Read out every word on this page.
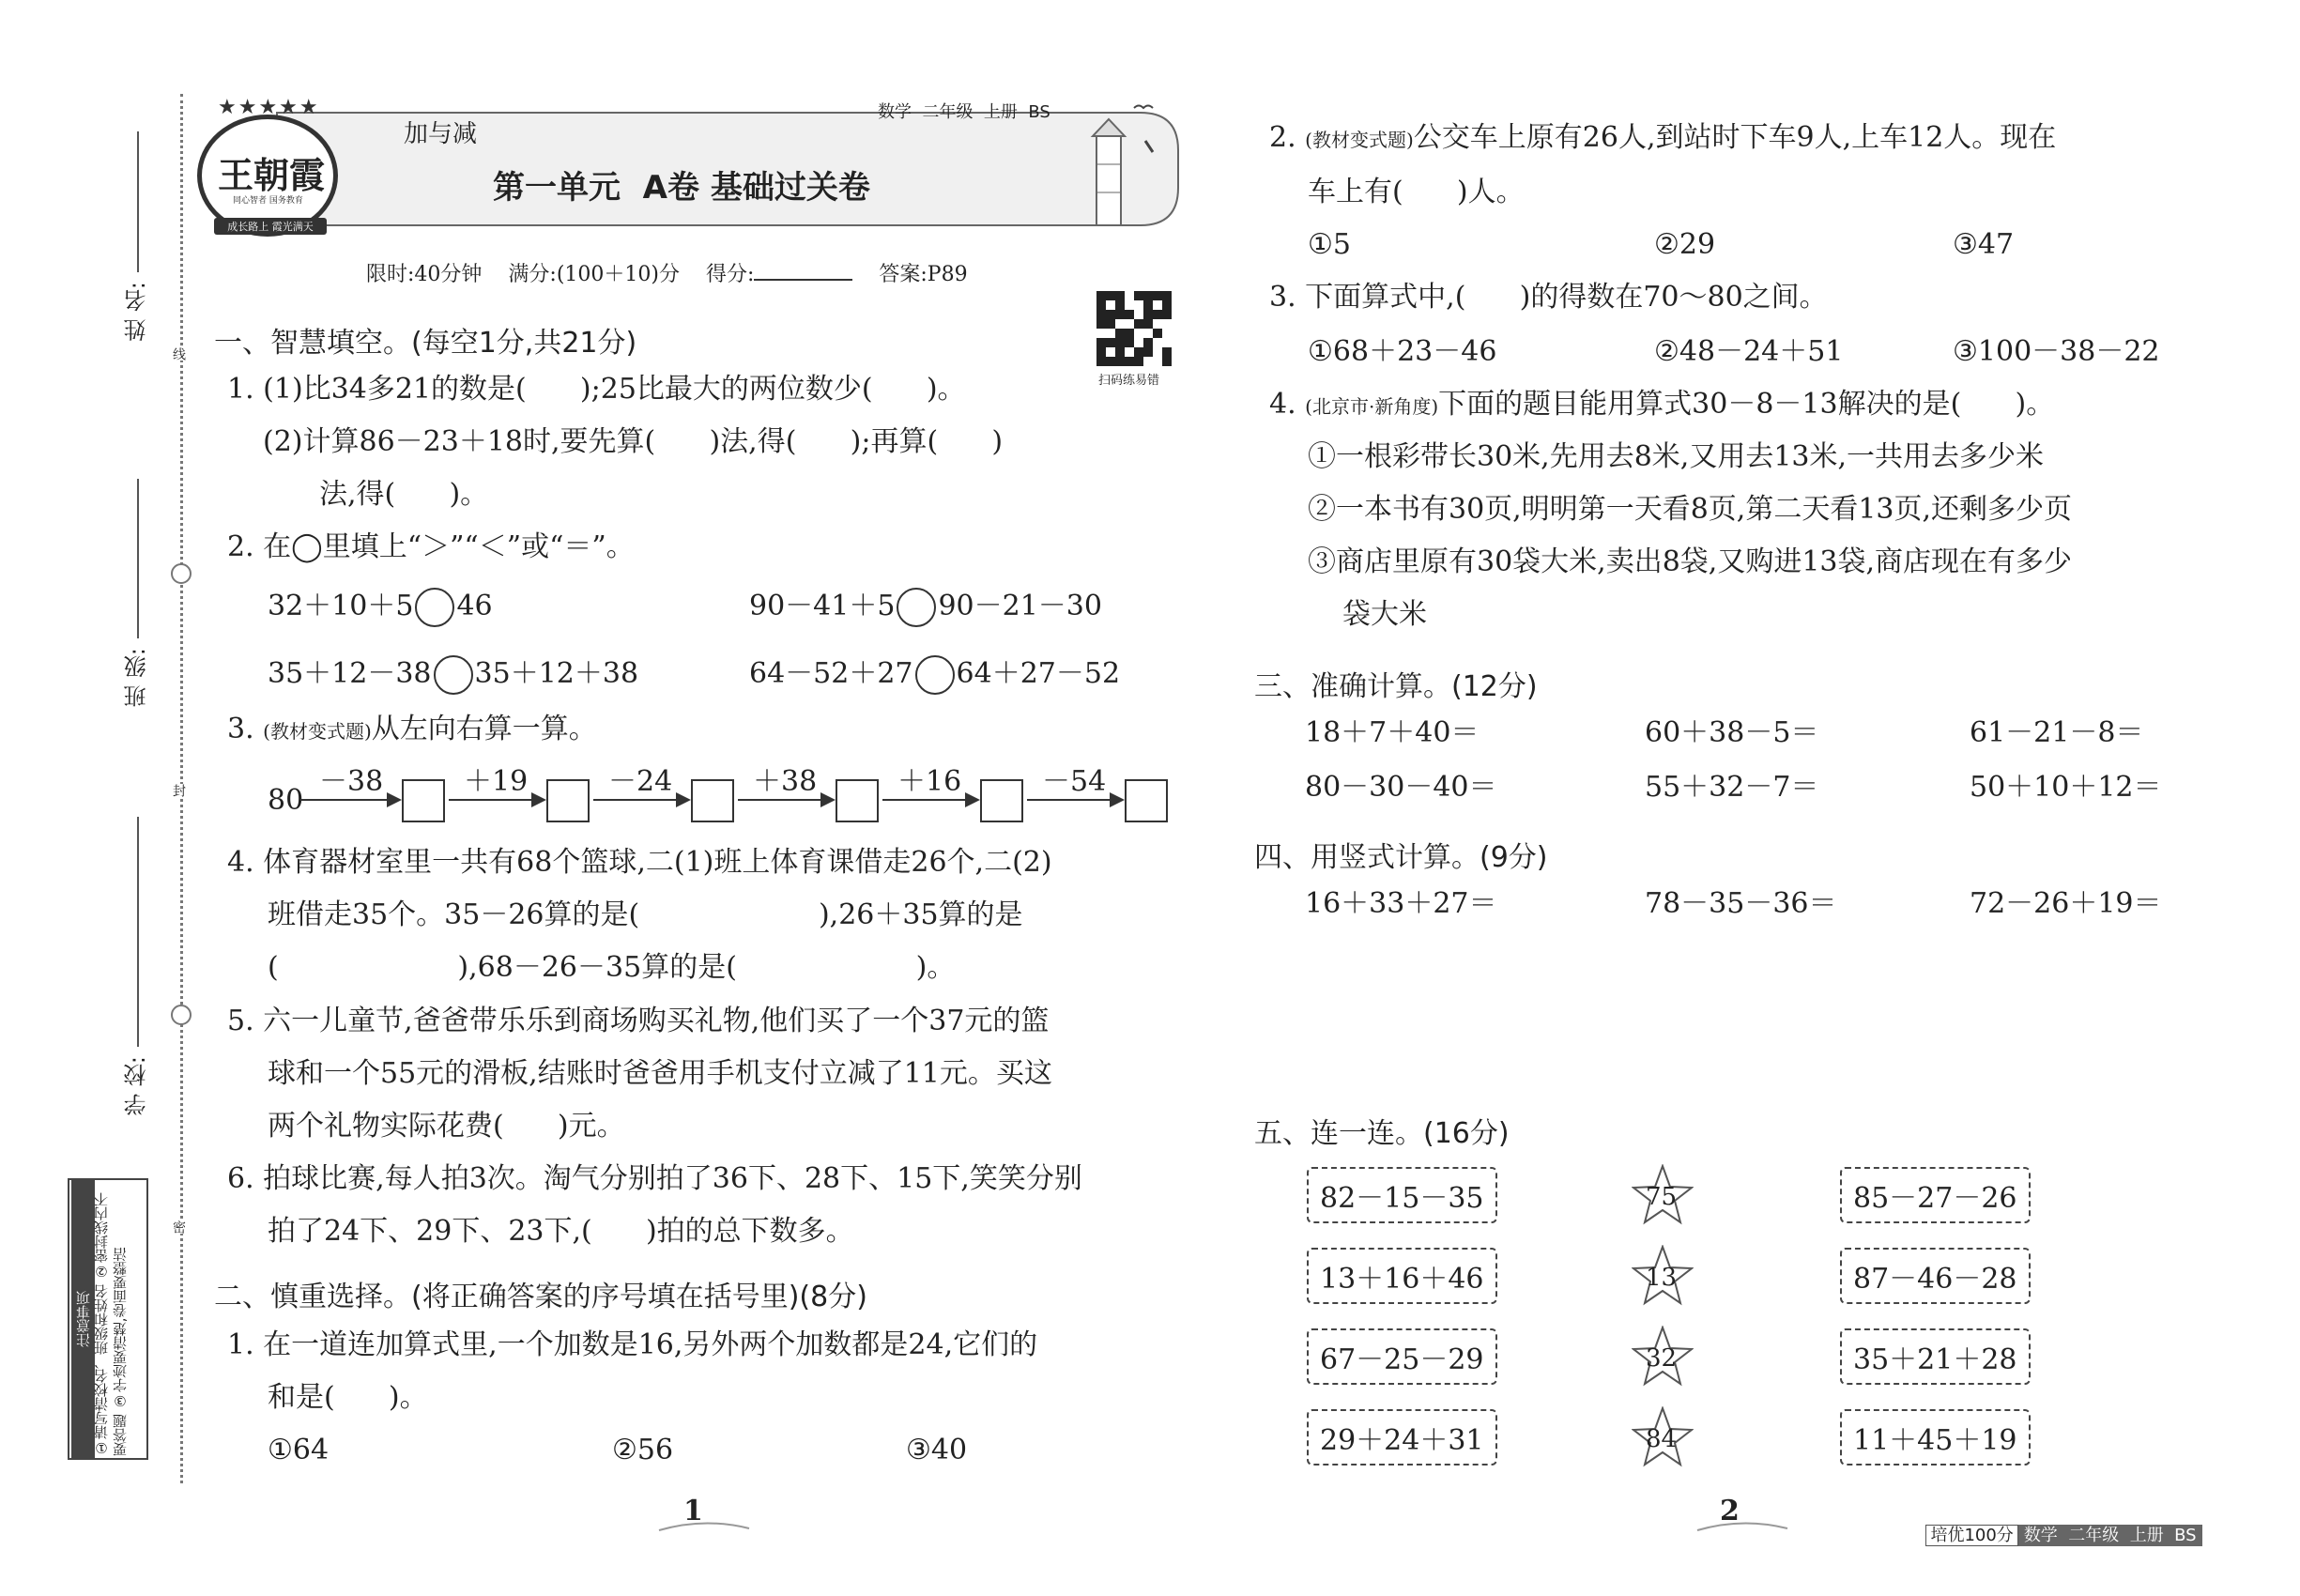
姓 名:
班 级:
学 校:
线
封
密
注意事项 ①请写清校名、班级和姓名 ②密封线内不要答题 ③字迹要清楚,卷面要整洁
★★★★★
王朝霞
同心智者 国务教育
成长路上 霞光满天
加与减
数学  二年级  上册  BS
第一单元  A卷 基础过关卷
限时:40分钟 满分:(100＋10)分 得分:	答案:P89
扫码练易错
一、智慧填空。(每空1分,共21分)
1. (1)比34多21的数是(      );25比最大的两位数少(      )。
(2)计算86－23＋18时,要先算(      )法,得(      );再算(      )
法,得(      )。
2. 在◯里填上“＞”“＜”或“＝”。
32＋10＋5 46	90－41＋5 90－21－30
35＋12－38 35＋12＋38	64－52＋27 64＋27－52
3. (教材变式题)从左向右算一算。
80
－38	＋19	－24	＋38	＋16	－54
4. 体育器材室里一共有68个篮球,二(1)班上体育课借走26个,二(2)
班借走35个。35－26算的是(                    ),26＋35算的是
(                    ),68－26－35算的是(                    )。
5. 六一儿童节,爸爸带乐乐到商场购买礼物,他们买了一个37元的篮
球和一个55元的滑板,结账时爸爸用手机支付立减了11元。买这
两个礼物实际花费(      )元。
6. 拍球比赛,每人拍3次。淘气分别拍了36下、28下、15下,笑笑分别
拍了24下、29下、23下,(      )拍的总下数多。
二、慎重选择。(将正确答案的序号填在括号里)(8分)
1. 在一道连加算式里,一个加数是16,另外两个加数都是24,它们的
和是(      )。
①64	②56	③40
1
2. (教材变式题)公交车上原有26人,到站时下车9人,上车12人。现在
车上有(      )人。
①5	②29	③47
3. 下面算式中,(      )的得数在70～80之间。
①68＋23－46	②48－24＋51	③100－38－22
4. (北京市·新角度)下面的题目能用算式30－8－13解决的是(      )。
①一根彩带长30米,先用去8米,又用去13米,一共用去多少米
②一本书有30页,明明第一天看8页,第二天看13页,还剩多少页
③商店里原有30袋大米,卖出8袋,又购进13袋,商店现在有多少
袋大米
三、准确计算。(12分)
18＋7＋40＝	60＋38－5＝	61－21－8＝
80－30－40＝	55＋32－7＝	50＋10＋12＝
四、用竖式计算。(9分)
16＋33＋27＝	78－35－36＝	72－26＋19＝
五、连一连。(16分)
82－15－35
13＋16＋46
67－25－29
29＋24＋31
75
13
32
84
85－27－26
87－46－28
35＋21＋28
11＋45＋19
2

培优100分 数学  二年级  上册  BS
